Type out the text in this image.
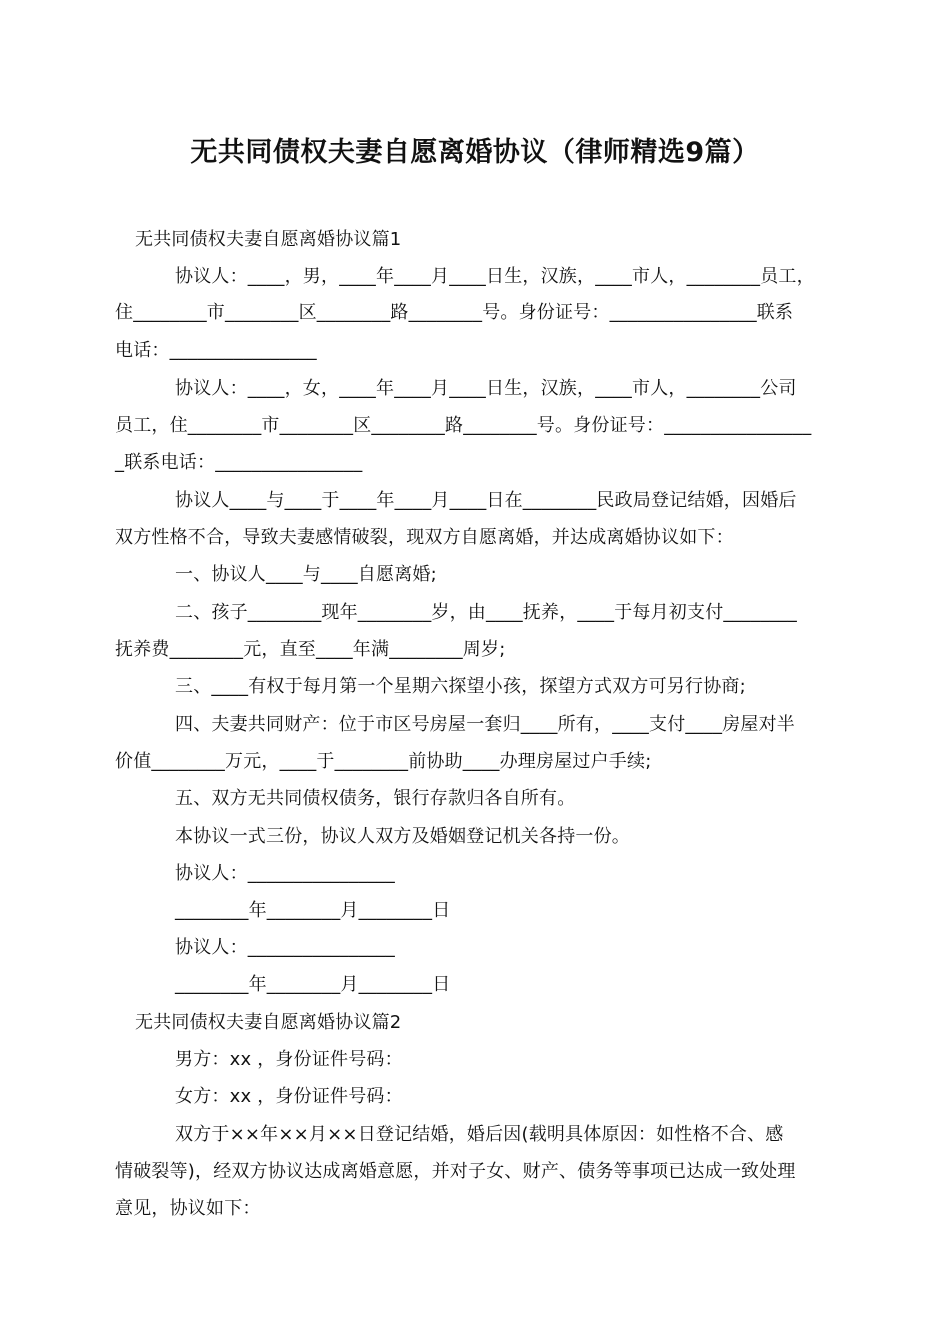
无共同债权夫妻自愿离婚协议（律师精选9篇）
无共同债权夫妻自愿离婚协议篇1
协议人：____，男，____年____月____日生，汉族，____市人，________员工，
住________市________区________路________号。身份证号：________________联系
电话：________________
协议人：____，女，____年____月____日生，汉族，____市人，________公司
员工，住________市________区________路________号。身份证号：________________
_联系电话：________________
协议人____与____于____年____月____日在________民政局登记结婚，因婚后
双方性格不合，导致夫妻感情破裂，现双方自愿离婚，并达成离婚协议如下：
一、协议人____与____自愿离婚;
二、孩子________现年________岁，由____抚养，____于每月初支付________
抚养费________元，直至____年满________周岁;
三、____有权于每月第一个星期六探望小孩，探望方式双方可另行协商;
四、夫妻共同财产：位于市区号房屋一套归____所有，____支付____房屋对半
价值________万元，____于________前协助____办理房屋过户手续;
五、双方无共同债权债务，银行存款归各自所有。
本协议一式三份，协议人双方及婚姻登记机关各持一份。
协议人：________________
________年________月________日
协议人：________________
________年________月________日
无共同债权夫妻自愿离婚协议篇2
男方：xx ，身份证件号码：
女方：xx ，身份证件号码：
双方于××年××月××日登记结婚，婚后因(载明具体原因：如性格不合、感
情破裂等)，经双方协议达成离婚意愿，并对子女、财产、债务等事项已达成一致处理
意见，协议如下：
